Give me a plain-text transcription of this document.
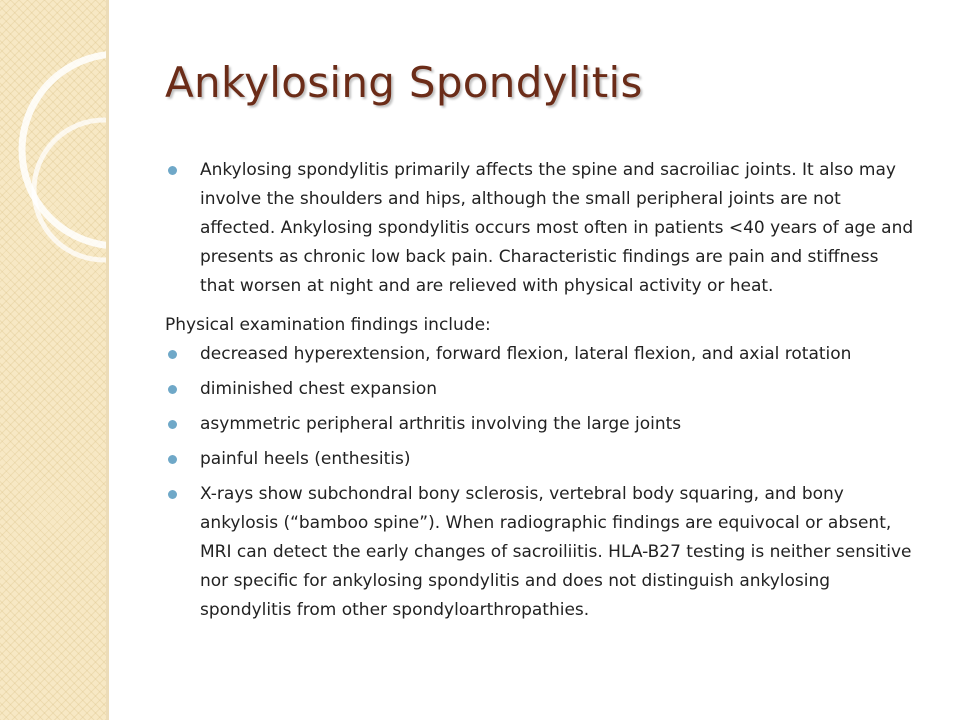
Ankylosing Spondylitis

Ankylosing spondylitis primarily affects the spine and sacroiliac joints. It also may involve the shoulders and hips, although the small peripheral joints are not affected. Ankylosing spondylitis occurs most often in patients <40 years of age and presents as chronic low back pain. Characteristic findings are pain and stiffness that worsen at night and are relieved with physical activity or heat.

Physical examination findings include:

decreased hyperextension, forward flexion, lateral flexion, and axial rotation

diminished chest expansion

asymmetric peripheral arthritis involving the large joints

painful heels (enthesitis)

X-rays show subchondral bony sclerosis, vertebral body squaring, and bony ankylosis (“bamboo spine”). When radiographic findings are equivocal or absent, MRI can detect the early changes of sacroiliitis. HLA-B27 testing is neither sensitive nor specific for ankylosing spondylitis and does not distinguish ankylosing spondylitis from other spondyloarthropathies.
